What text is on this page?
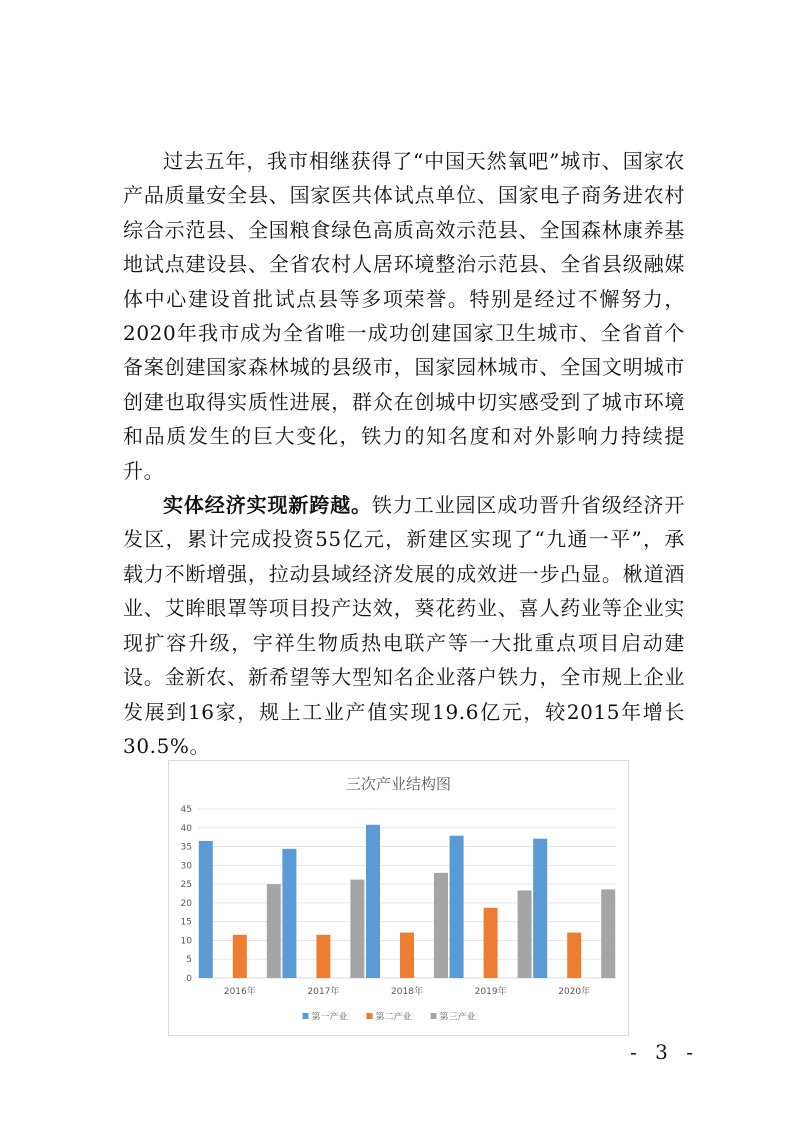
过去五年，我市相继获得了“中国天然氧吧”城市、国家农产品质量安全县、国家医共体试点单位、国家电子商务进农村综合示范县、全国粮食绿色高质高效示范县、全国森林康养基地试点建设县、全省农村人居环境整治示范县、全省县级融媒体中心建设首批试点县等多项荣誉。特别是经过不懈努力，2020年我市成为全省唯一成功创建国家卫生城市、全省首个备案创建国家森林城的县级市，国家园林城市、全国文明城市创建也取得实质性进展，群众在创城中切实感受到了城市环境和品质发生的巨大变化，铁力的知名度和对外影响力持续提升。

实体经济实现新跨越。铁力工业园区成功晋升省级经济开发区，累计完成投资55亿元，新建区实现了“九通一平”，承载力不断增强，拉动县域经济发展的成效进一步凸显。楸道酒业、艾眸眼罩等项目投产达效，葵花药业、喜人药业等企业实现扩容升级，宇祥生物质热电联产等一大批重点项目启动建设。金新农、新希望等大型知名企业落户铁力，全市规上企业发展到16家，规上工业产值实现19.6亿元，较2015年增长30.5%。

三次产业结构图
0
5
10
15
20
25
30
35
40
45
2016年	2017年	2018年	2019年	2020年
第一产业	第二产业	第三产业
- 3 -
